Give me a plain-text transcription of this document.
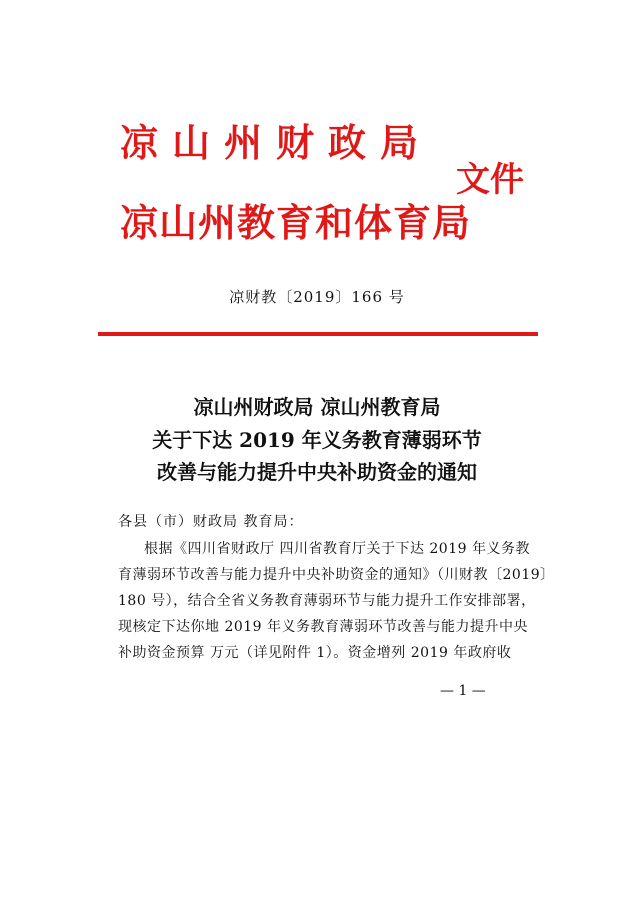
凉山州财政局
文件
凉山州教育和体育局
凉财教〔2019〕166 号
凉山州财政局 凉山州教育局
关于下达 2019 年义务教育薄弱环节
改善与能力提升中央补助资金的通知
各县（市）财政局 教育局：
根据《四川省财政厅 四川省教育厅关于下达 2019 年义务教
育薄弱环节改善与能力提升中央补助资金的通知》（川财教〔2019〕
180 号），结合全省义务教育薄弱环节与能力提升工作安排部署，
现核定下达你地 2019 年义务教育薄弱环节改善与能力提升中央
补助资金预算 万元（详见附件 1）。资金增列 2019 年政府收
— 1 —
